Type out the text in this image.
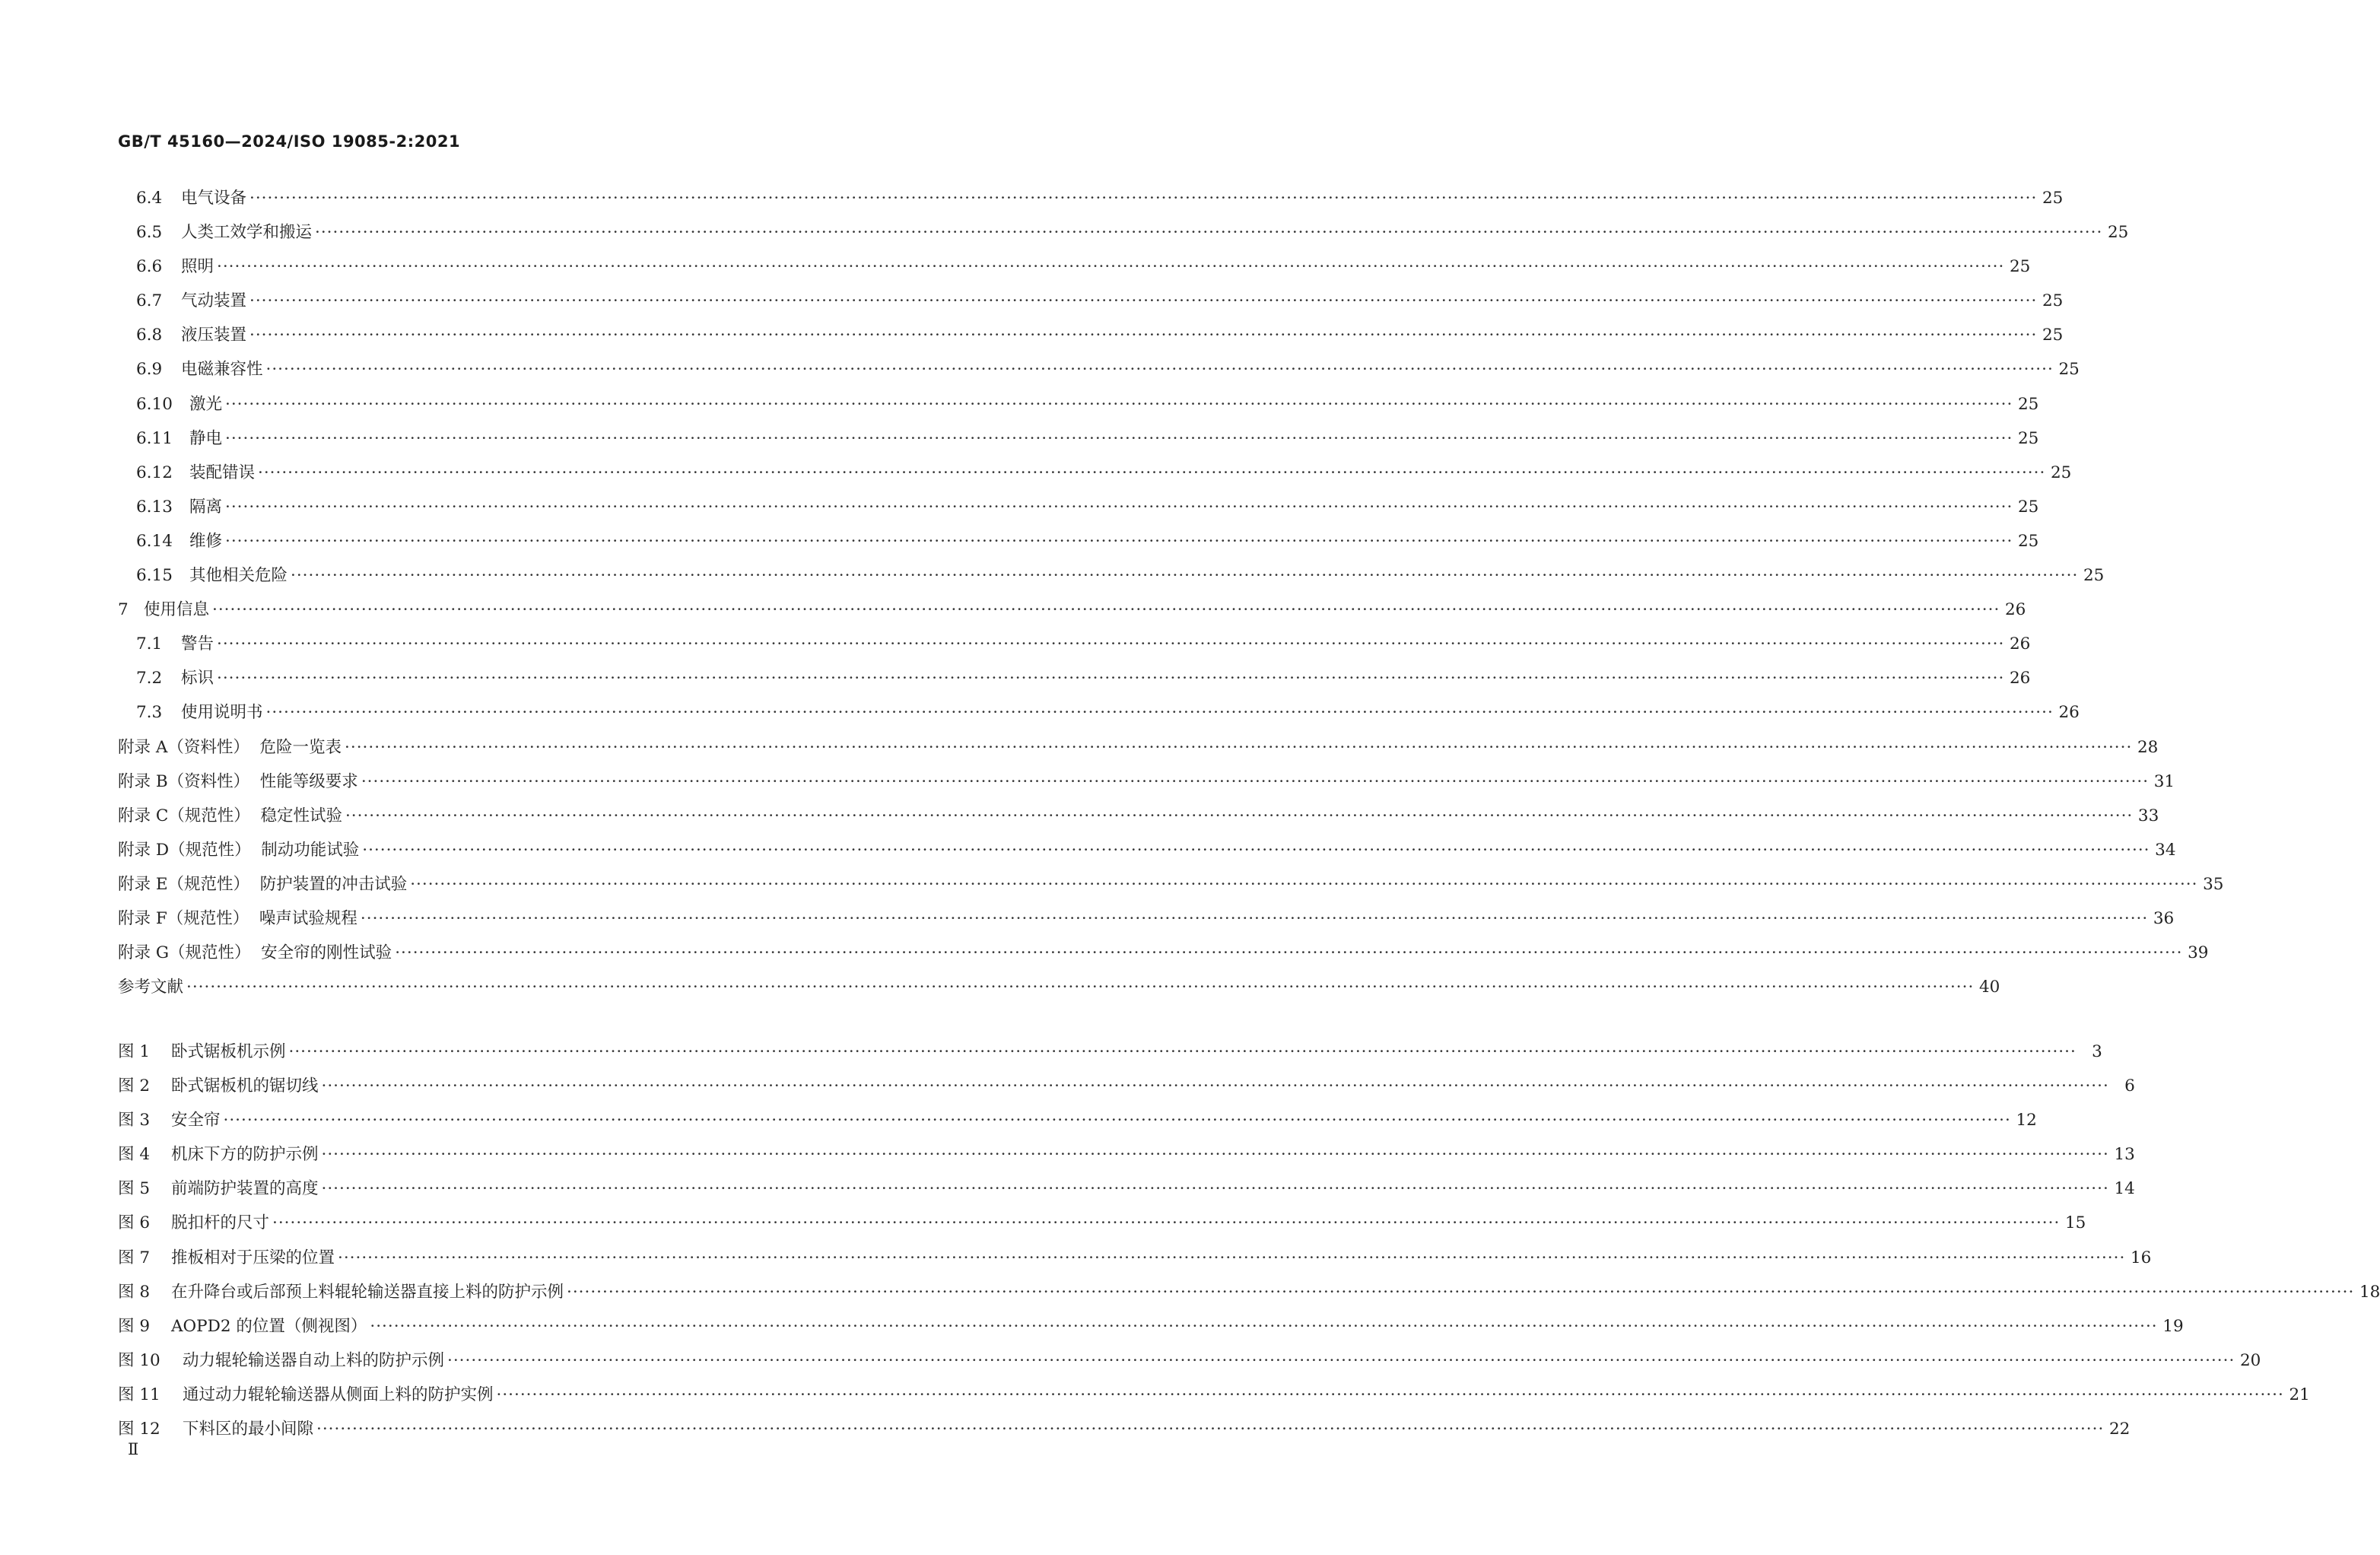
GB/T 45160—2024/ISO 19085-2:2021
6.4	电气设备 ············································································································································································································································································································ 25
6.5	人类工效学和搬运 ············································································································································································································································································································ 25
6.6	照明 ············································································································································································································································································································ 25
6.7	气动装置 ············································································································································································································································································································ 25
6.8	液压装置 ············································································································································································································································································································ 25
6.9	电磁兼容性 ············································································································································································································································································································ 25
6.10	激光 ············································································································································································································································································································ 25
6.11	静电 ············································································································································································································································································································ 25
6.12	装配错误 ············································································································································································································································································································ 25
6.13	隔离 ············································································································································································································································································································ 25
6.14	维修 ············································································································································································································································································································ 25
6.15	其他相关危险 ············································································································································································································································································································ 25
7 使用信息 ············································································································································································································································································································ 26
7.1	警告 ············································································································································································································································································································ 26
7.2	标识 ············································································································································································································································································································ 26
7.3	使用说明书 ············································································································································································································································································································ 26
附录 A（资料性）  危险一览表 ············································································································································································································································································································ 28
附录 B（资料性）  性能等级要求 ············································································································································································································································································································ 31
附录 C（规范性）  稳定性试验 ············································································································································································································································································································ 33
附录 D（规范性）  制动功能试验 ············································································································································································································································································································ 34
附录 E（规范性）  防护装置的冲击试验 ············································································································································································································································································································ 35
附录 F（规范性）  噪声试验规程 ············································································································································································································································································································ 36
附录 G（规范性）  安全帘的刚性试验 ············································································································································································································································································································ 39
参考文献 ············································································································································································································································································································ 40
图 1	卧式锯板机示例 ············································································································································································································································································································ 3
图 2	卧式锯板机的锯切线 ············································································································································································································································································································ 6
图 3	安全帘 ············································································································································································································································································································ 12
图 4	机床下方的防护示例 ············································································································································································································································································································ 13
图 5	前端防护装置的高度 ············································································································································································································································································································ 14
图 6	脱扣杆的尺寸 ············································································································································································································································································································ 15
图 7	推板相对于压梁的位置 ············································································································································································································································································································ 16
图 8	在升降台或后部预上料辊轮输送器直接上料的防护示例 ············································································································································································································································································································ 18
图 9	AOPD2 的位置（侧视图） ············································································································································································································································································································ 19
图 10	动力辊轮输送器自动上料的防护示例 ············································································································································································································································································································ 20
图 11	通过动力辊轮输送器从侧面上料的防护实例 ············································································································································································································································································································ 21
图 12	下料区的最小间隙 ············································································································································································································································································································ 22
Ⅱ
